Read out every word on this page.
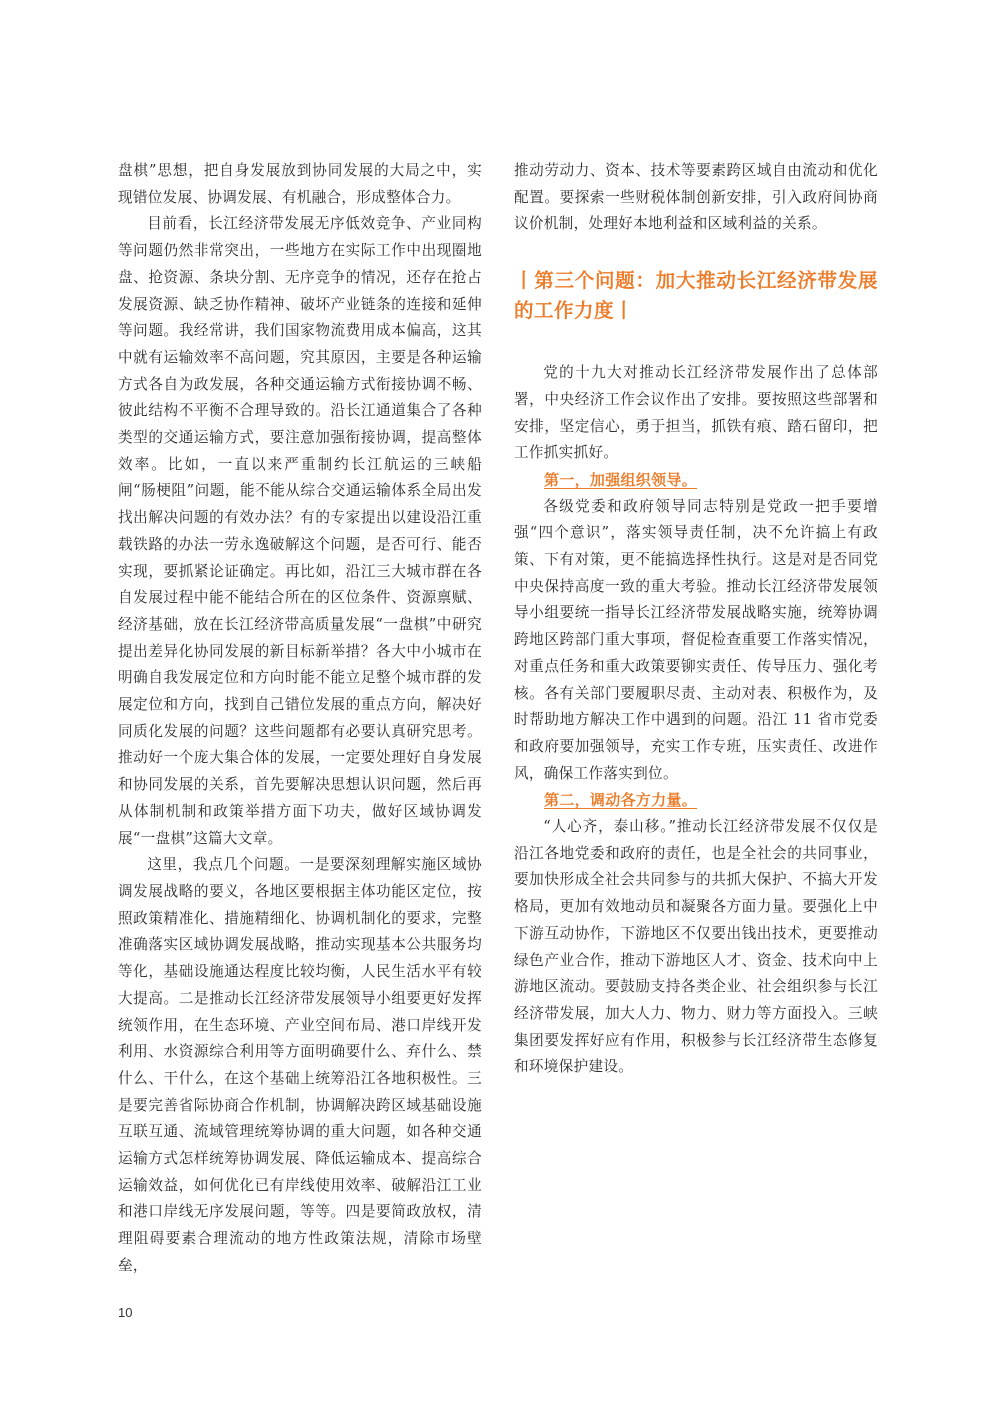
盘棋”思想，把自身发展放到协同发展的大局之中，实现错位发展、协调发展、有机融合，形成整体合力。

目前看，长江经济带发展无序低效竞争、产业同构等问题仍然非常突出，一些地方在实际工作中出现圈地盘、抢资源、条块分割、无序竞争的情况，还存在抢占发展资源、缺乏协作精神、破坏产业链条的连接和延伸等问题。我经常讲，我们国家物流费用成本偏高，这其中就有运输效率不高问题，究其原因，主要是各种运输方式各自为政发展，各种交通运输方式衔接协调不畅、彼此结构不平衡不合理导致的。沿长江通道集合了各种类型的交通运输方式，要注意加强衔接协调，提高整体效率。比如，一直以来严重制约长江航运的三峡船闸“肠梗阻”问题，能不能从综合交通运输体系全局出发找出解决问题的有效办法？有的专家提出以建设沿江重载铁路的办法一劳永逸破解这个问题，是否可行、能否实现，要抓紧论证确定。再比如，沿江三大城市群在各自发展过程中能不能结合所在的区位条件、资源禀赋、经济基础，放在长江经济带高质量发展“一盘棋”中研究提出差异化协同发展的新目标新举措？各大中小城市在明确自我发展定位和方向时能不能立足整个城市群的发展定位和方向，找到自己错位发展的重点方向，解决好同质化发展的问题？这些问题都有必要认真研究思考。推动好一个庞大集合体的发展，一定要处理好自身发展和协同发展的关系，首先要解决思想认识问题，然后再从体制机制和政策举措方面下功夫，做好区域协调发展“一盘棋”这篇大文章。

这里，我点几个问题。一是要深刻理解实施区域协调发展战略的要义，各地区要根据主体功能区定位，按照政策精准化、措施精细化、协调机制化的要求，完整准确落实区域协调发展战略，推动实现基本公共服务均等化，基础设施通达程度比较均衡，人民生活水平有较大提高。二是推动长江经济带发展领导小组要更好发挥统领作用，在生态环境、产业空间布局、港口岸线开发利用、水资源综合利用等方面明确要什么、弃什么、禁什么、干什么，在这个基础上统筹沿江各地积极性。三是要完善省际协商合作机制，协调解决跨区域基础设施互联互通、流域管理统筹协调的重大问题，如各种交通运输方式怎样统筹协调发展、降低运输成本、提高综合运输效益，如何优化已有岸线使用效率、破解沿江工业和港口岸线无序发展问题，等等。四是要简政放权，清理阻碍要素合理流动的地方性政策法规，清除市场壁垒，

推动劳动力、资本、技术等要素跨区域自由流动和优化配置。要探索一些财税体制创新安排，引入政府间协商议价机制，处理好本地利益和区域利益的关系。

丨第三个问题：加大推动长江经济带发展的工作力度丨

党的十九大对推动长江经济带发展作出了总体部署，中央经济工作会议作出了安排。要按照这些部署和安排，坚定信心，勇于担当，抓铁有痕、踏石留印，把工作抓实抓好。

第一，加强组织领导。

各级党委和政府领导同志特别是党政一把手要增强“四个意识”，落实领导责任制，决不允许搞上有政策、下有对策，更不能搞选择性执行。这是对是否同党中央保持高度一致的重大考验。推动长江经济带发展领导小组要统一指导长江经济带发展战略实施，统筹协调跨地区跨部门重大事项，督促检查重要工作落实情况，对重点任务和重大政策要铆实责任、传导压力、强化考核。各有关部门要履职尽责、主动对表、积极作为，及时帮助地方解决工作中遇到的问题。沿江 11 省市党委和政府要加强领导，充实工作专班，压实责任、改进作风，确保工作落实到位。

第二，调动各方力量。

“人心齐，泰山移。”推动长江经济带发展不仅仅是沿江各地党委和政府的责任，也是全社会的共同事业，要加快形成全社会共同参与的共抓大保护、不搞大开发格局，更加有效地动员和凝聚各方面力量。要强化上中下游互动协作，下游地区不仅要出钱出技术，更要推动绿色产业合作，推动下游地区人才、资金、技术向中上游地区流动。要鼓励支持各类企业、社会组织参与长江经济带发展，加大人力、物力、财力等方面投入。三峡集团要发挥好应有作用，积极参与长江经济带生态修复和环境保护建设。

10
